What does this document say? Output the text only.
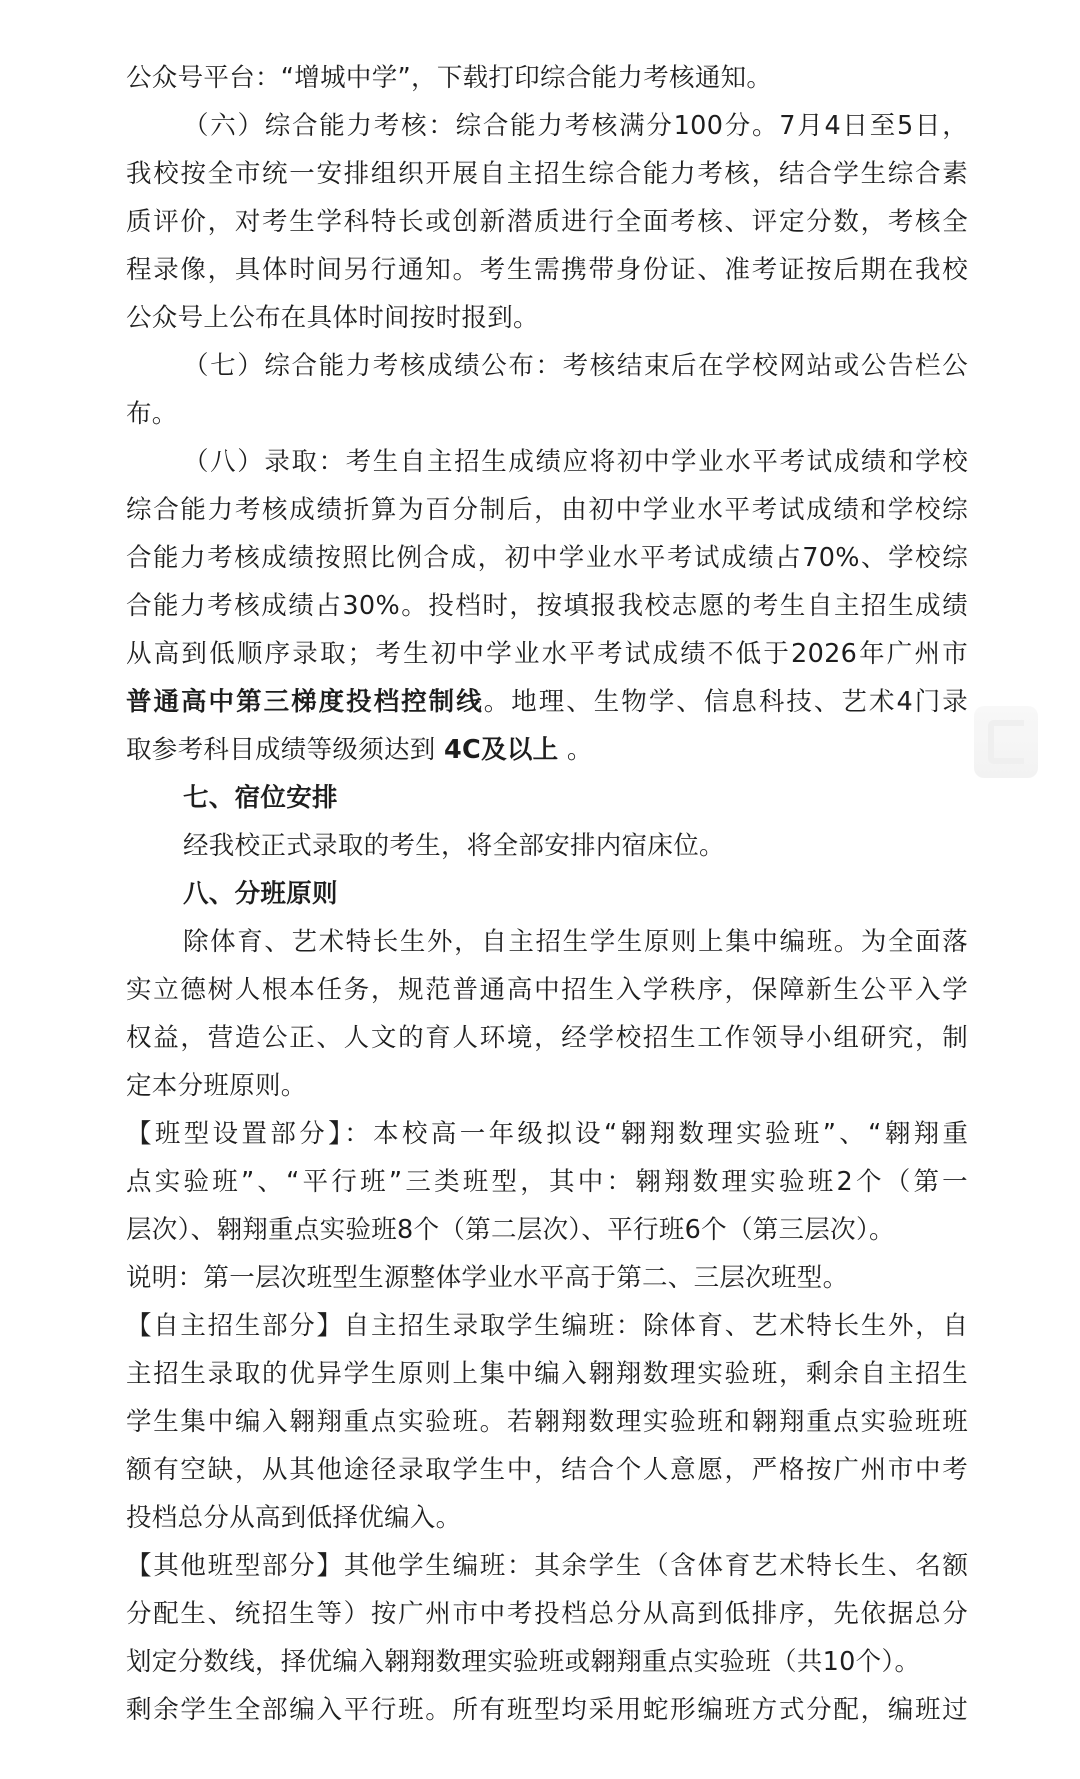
公众号平台：“增城中学”，下载打印综合能力考核通知。
（六）综合能力考核：综合能力考核满分100分。7月4日至5日，
我校按全市统一安排组织开展自主招生综合能力考核，结合学生综合素
质评价，对考生学科特长或创新潜质进行全面考核、评定分数，考核全
程录像，具体时间另行通知。考生需携带身份证、准考证按后期在我校
公众号上公布在具体时间按时报到。
（七）综合能力考核成绩公布：考核结束后在学校网站或公告栏公
布。
（八）录取：考生自主招生成绩应将初中学业水平考试成绩和学校
综合能力考核成绩折算为百分制后，由初中学业水平考试成绩和学校综
合能力考核成绩按照比例合成，初中学业水平考试成绩占70%、学校综
合能力考核成绩占30%。投档时，按填报我校志愿的考生自主招生成绩
从高到低顺序录取；考生初中学业水平考试成绩不低于2026年广州市
普通高中第三梯度投档控制线。地理、生物学、信息科技、艺术4门录
取参考科目成绩等级须达到 4C及以上 。
七、宿位安排
经我校正式录取的考生，将全部安排内宿床位。
八、分班原则
除体育、艺术特长生外，自主招生学生原则上集中编班。为全面落
实立德树人根本任务，规范普通高中招生入学秩序，保障新生公平入学
权益，营造公正、人文的育人环境，经学校招生工作领导小组研究，制
定本分班原则。
【班型设置部分】：本校高一年级拟设“翱翔数理实验班”、“翱翔重
点实验班”、“平行班”三类班型，其中：翱翔数理实验班2个（第一
层次）、翱翔重点实验班8个（第二层次）、平行班6个（第三层次）。
说明：第一层次班型生源整体学业水平高于第二、三层次班型。
【自主招生部分】自主招生录取学生编班：除体育、艺术特长生外，自
主招生录取的优异学生原则上集中编入翱翔数理实验班，剩余自主招生
学生集中编入翱翔重点实验班。若翱翔数理实验班和翱翔重点实验班班
额有空缺，从其他途径录取学生中，结合个人意愿，严格按广州市中考
投档总分从高到低择优编入。
【其他班型部分】其他学生编班：其余学生（含体育艺术特长生、名额
分配生、统招生等）按广州市中考投档总分从高到低排序，先依据总分
划定分数线，择优编入翱翔数理实验班或翱翔重点实验班（共10个）。
剩余学生全部编入平行班。所有班型均采用蛇形编班方式分配，编班过
